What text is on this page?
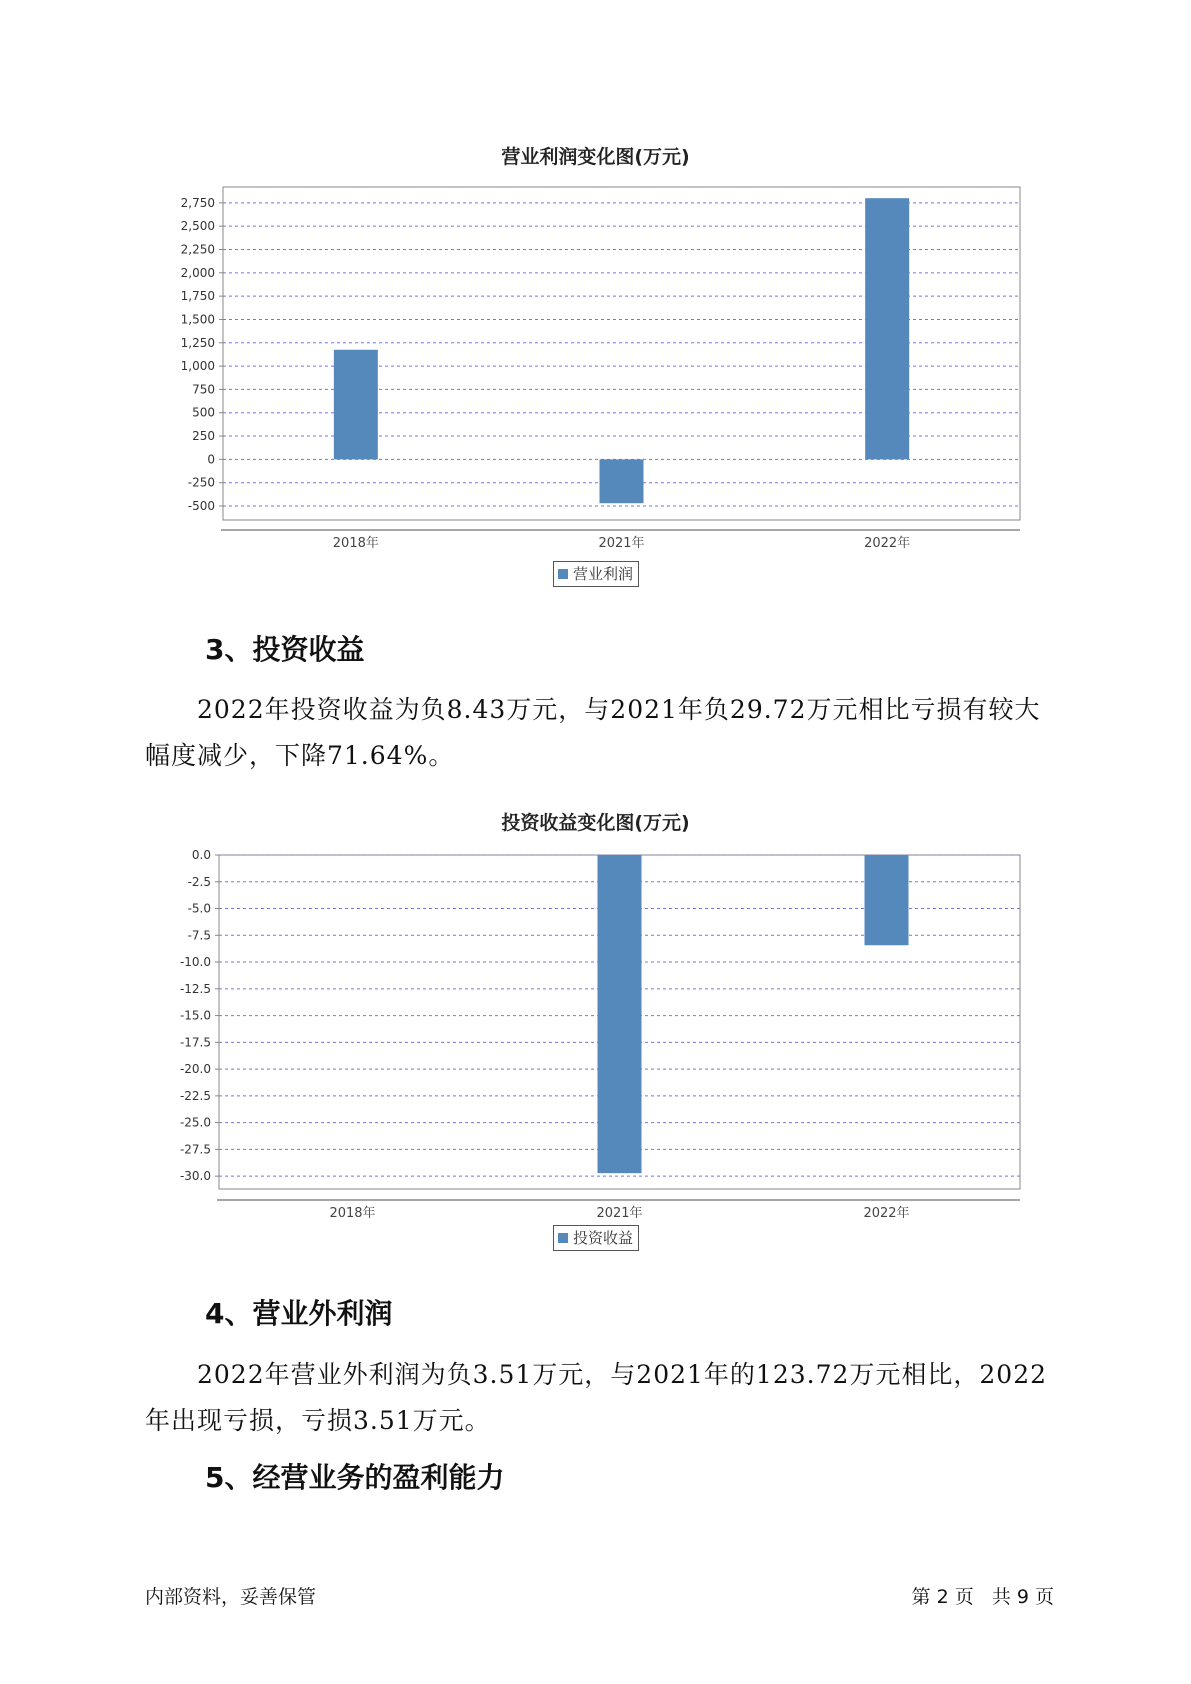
营业利润变化图(万元)
2,750
2,500
2,250
2,000
1,750
1,500
1,250
1,000
750
500
250
0
-250
-500
2018年	2021年	2022年
营业利润
3、投资收益

2022年投资收益为负8.43万元，与2021年负29.72万元相比亏损有较大幅度减少，下降71.64%。

投资收益变化图(万元)
0.0
-2.5
-5.0
-7.5
-10.0
-12.5
-15.0
-17.5
-20.0
-22.5
-25.0
-27.5
-30.0
2018年	2021年	2022年
投资收益
4、营业外利润

2022年营业外利润为负3.51万元，与2021年的123.72万元相比，2022年出现亏损，亏损3.51万元。

5、经营业务的盈利能力
内部资料，妥善保管	第 2 页   共 9 页
